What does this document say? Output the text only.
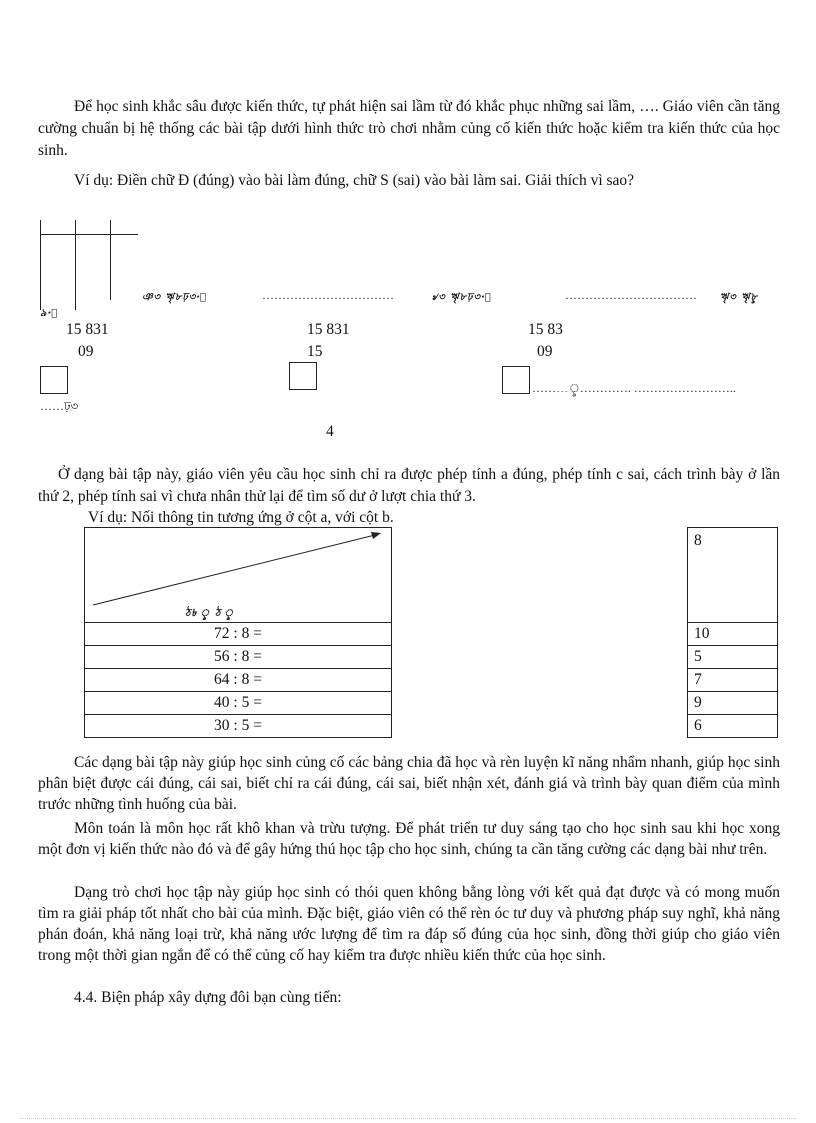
Để học sinh khắc sâu được kiến thức, tự phát hiện sai lầm từ đó khắc phục những sai lầm, …. Giáo viên cần tăng cường chuẩn bị hệ thống các bài tập dưới hình thức trò chơi nhằm củng cố kiến thức hoặc kiểm tra kiến thức của học sinh.

Ví dụ: Điền chữ Đ (đúng) vào bài làm đúng, chữ S (sai) vào bài làm sai. Giải thích vì sao?

ঞ৩ ৠ৮ঢ়৩·ৢ	……………………………	৶৩ ৠ৮ঢ়৩·ৢ	…………………………… ৠ৩ ৠ৮ৢ
৯·ৢ
15 831
09
15 831
15
15 83
09
………ৢ…………. ……………………..
……ঢ়৩
4

Ở dạng bài tập này, giáo viên yêu cầu học sinh chỉ ra được phép tính a đúng, phép tính c sai, cách trình bày ở lần thứ 2, phép tính sai vì chưa nhân thử lại để tìm số dư ở lượt chia thứ 3.

Ví dụ: Nối thông tin tương ứng ở cột a, với cột b.
ঠ৳ ৢ ঠ ৢ
72 : 8 =
56 : 8 =
64 : 8 =
40 : 5 =
30 : 5 =
8
10
5
7
9
6

Các dạng bài tập này giúp học sinh củng cố các bảng chia đã học và rèn luyện kĩ năng nhẩm nhanh, giúp học sinh phân biệt được cái đúng, cái sai, biết chỉ ra cái đúng, cái sai, biết nhận xét, đánh giá và trình bày quan điểm của mình trước những tình huống của bài.

Môn toán là môn học rất khô khan và trừu tượng. Để phát triển tư duy sáng tạo cho học sinh sau khi học xong một đơn vị kiến thức nào đó và để gây hứng thú học tập cho học sinh, chúng ta cần tăng cường các dạng bài như trên.

Dạng trò chơi học tập này giúp học sinh có thói quen không bằng lòng với kết quả đạt được và có mong muốn tìm ra giải pháp tốt nhất cho bài của mình. Đặc biệt, giáo viên có thể rèn óc tư duy và phương pháp suy nghĩ, khả năng phán đoán, khả năng loại trừ, khả năng ước lượng để tìm ra đáp số đúng của học sinh, đồng thời giúp cho giáo viên trong một thời gian ngắn để có thể củng cố hay kiểm tra được nhiều kiến thức của học sinh.

4.4. Biện pháp xây dựng đôi bạn cùng tiến:
